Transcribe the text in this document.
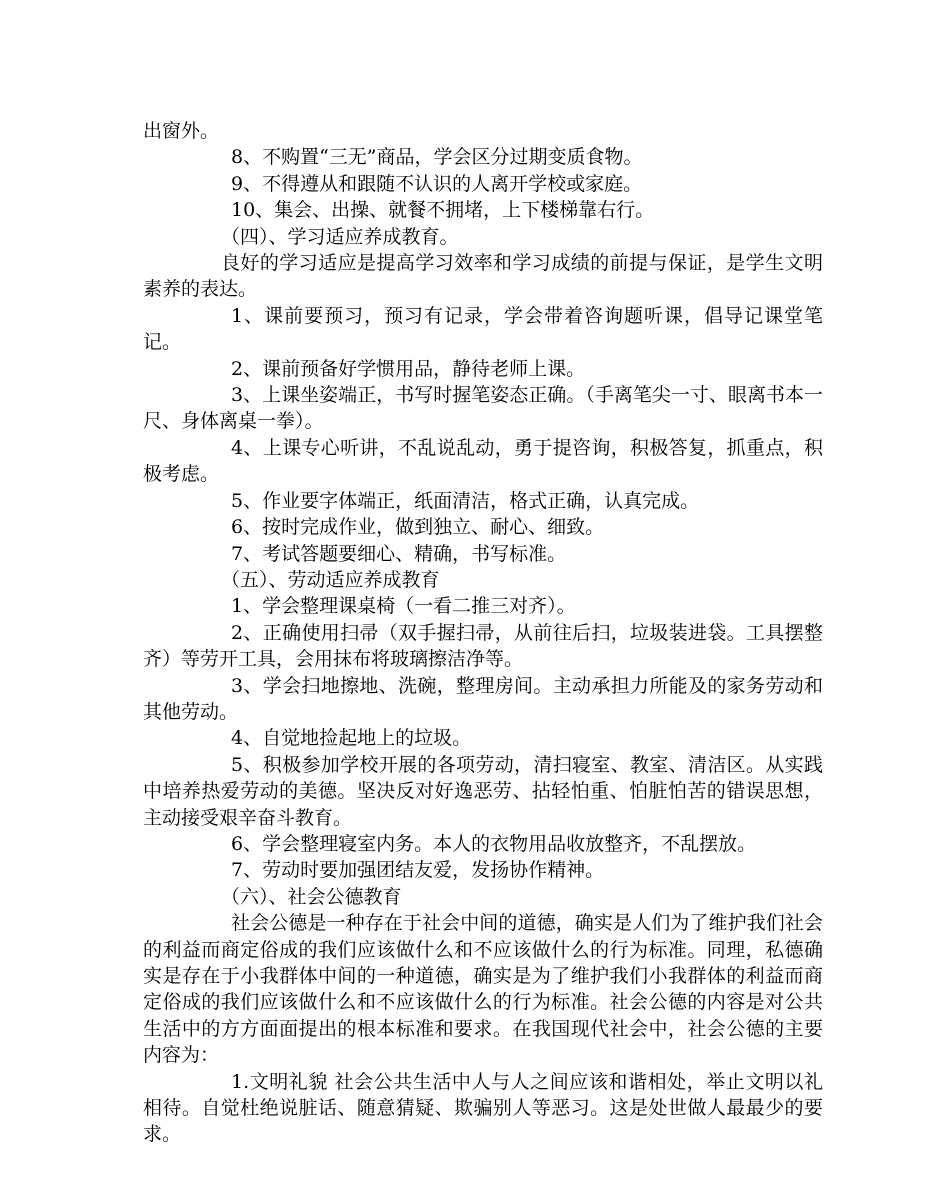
出窗外。

8、不购置“三无”商品，学会区分过期变质食物。

9、不得遵从和跟随不认识的人离开学校或家庭。

10、集会、出操、就餐不拥堵，上下楼梯靠右行。

（四）、学习适应养成教育。

良好的学习适应是提高学习效率和学习成绩的前提与保证，是学生文明素养的表达。

1、课前要预习，预习有记录，学会带着咨询题听课，倡导记课堂笔记。

2、课前预备好学惯用品，静待老师上课。

3、上课坐姿端正，书写时握笔姿态正确。（手离笔尖一寸、眼离书本一尺、身体离桌一拳）。

4、上课专心听讲，不乱说乱动，勇于提咨询，积极答复，抓重点，积极考虑。

5、作业要字体端正，纸面清洁，格式正确，认真完成。

6、按时完成作业，做到独立、耐心、细致。

7、考试答题要细心、精确，书写标准。

（五）、劳动适应养成教育

1、学会整理课桌椅（一看二推三对齐）。

2、正确使用扫帚（双手握扫帚，从前往后扫，垃圾装进袋。工具摆整齐）等劳开工具，会用抹布将玻璃擦洁净等。

3、学会扫地擦地、洗碗，整理房间。主动承担力所能及的家务劳动和其他劳动。

4、自觉地捡起地上的垃圾。

5、积极参加学校开展的各项劳动，清扫寝室、教室、清洁区。从实践中培养热爱劳动的美德。坚决反对好逸恶劳、拈轻怕重、怕脏怕苦的错误思想，主动接受艰辛奋斗教育。

6、学会整理寝室内务。本人的衣物用品收放整齐，不乱摆放。

7、劳动时要加强团结友爱，发扬协作精神。

（六）、社会公德教育

社会公德是一种存在于社会中间的道德，确实是人们为了维护我们社会的利益而商定俗成的我们应该做什么和不应该做什么的行为标准。同理，私德确实是存在于小我群体中间的一种道德，确实是为了维护我们小我群体的利益而商定俗成的我们应该做什么和不应该做什么的行为标准。社会公德的内容是对公共生活中的方方面面提出的根本标准和要求。在我国现代社会中，社会公德的主要内容为：

1.文明礼貌 社会公共生活中人与人之间应该和谐相处，举止文明以礼相待。自觉杜绝说脏话、随意猜疑、欺骗别人等恶习。这是处世做人最最少的要求。
